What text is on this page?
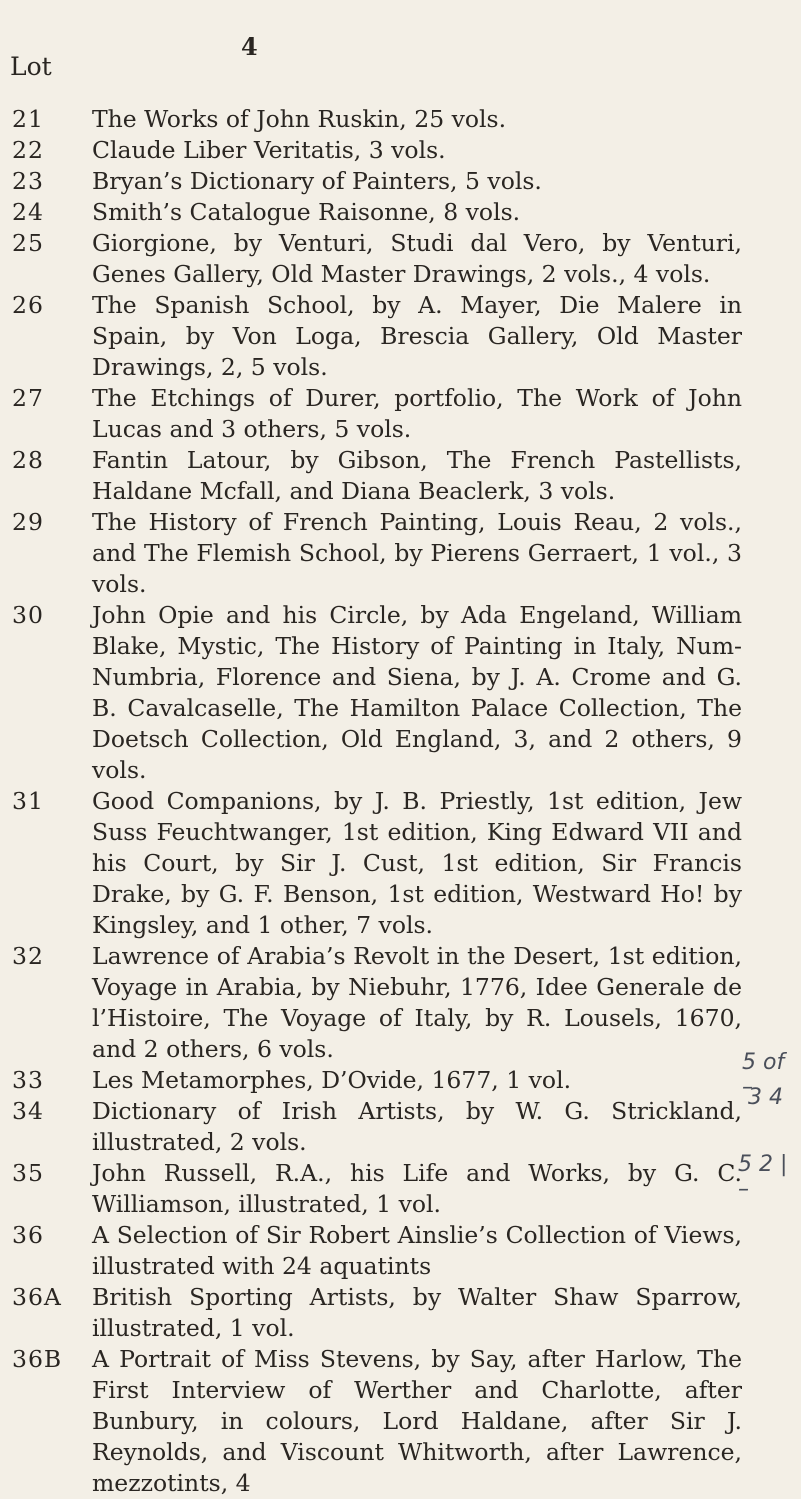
4
Lot
21	The Works of John Ruskin, 25 vols.
22	Claude Liber Veritatis, 3 vols.
23	Bryan’s Dictionary of Painters, 5 vols.
24	Smith’s Catalogue Raisonne, 8 vols.
25	Giorgione, by Venturi, Studi dal Vero, by Venturi, Genes Gallery, Old Master Drawings, 2 vols., 4 vols.
26	The Spanish School, by A. Mayer, Die Malere in Spain, by Von Loga, Brescia Gallery, Old Master Drawings, 2, 5 vols.
27	The Etchings of Durer, portfolio, The Work of John Lucas and 3 others, 5 vols.
28	Fantin Latour, by Gibson, The French Pastellists, Haldane Mcfall, and Diana Beaclerk, 3 vols.
29	The History of French Painting, Louis Reau, 2 vols., and The Flemish School, by Pierens Gerraert, 1 vol., 3 vols.
30	John Opie and his Circle, by Ada Engeland, William Blake, Mystic, The History of Painting in Italy, Num-Numbria, Florence and Siena, by J. A. Crome and G. B. Cavalcaselle, The Hamilton Palace Collection, The Doetsch Collection, Old England, 3, and 2 others, 9 vols.
31	Good Companions, by J. B. Priestly, 1st edition, Jew Suss Feuchtwanger, 1st edition, King Edward VII and his Court, by Sir J. Cust, 1st edition, Sir Francis Drake, by G. F. Benson, 1st edition, Westward Ho! by Kingsley, and 1 other, 7 vols.
32	Lawrence of Arabia’s Revolt in the Desert, 1st edition, Voyage in Arabia, by Niebuhr, 1776, Idee Generale de l’Histoire, The Voyage of Italy, by R. Lousels, 1670, and 2 others, 6 vols.
33	Les Metamorphes, D’Ovide, 1677, 1 vol.
34	Dictionary of Irish Artists, by W. G. Strickland, illustrated, 2 vols.
35	John Russell, R.A., his Life and Works, by G. C. Williamson, illustrated, 1 vol.
36	A Selection of Sir Robert Ainslie’s Collection of Views, illustrated with 24 aquatints
36A	British Sporting Artists, by Walter Shaw Sparrow, illustrated, 1 vol.
36B	A Portrait of Miss Stevens, by Say, after Harlow, The First Interview of Werther and Charlotte, after Bunbury, in colours, Lord Haldane, after Sir J. Reynolds, and Viscount Whitworth, after Lawrence, mezzotints, 4
5 of –
3 4
5 2 | –
